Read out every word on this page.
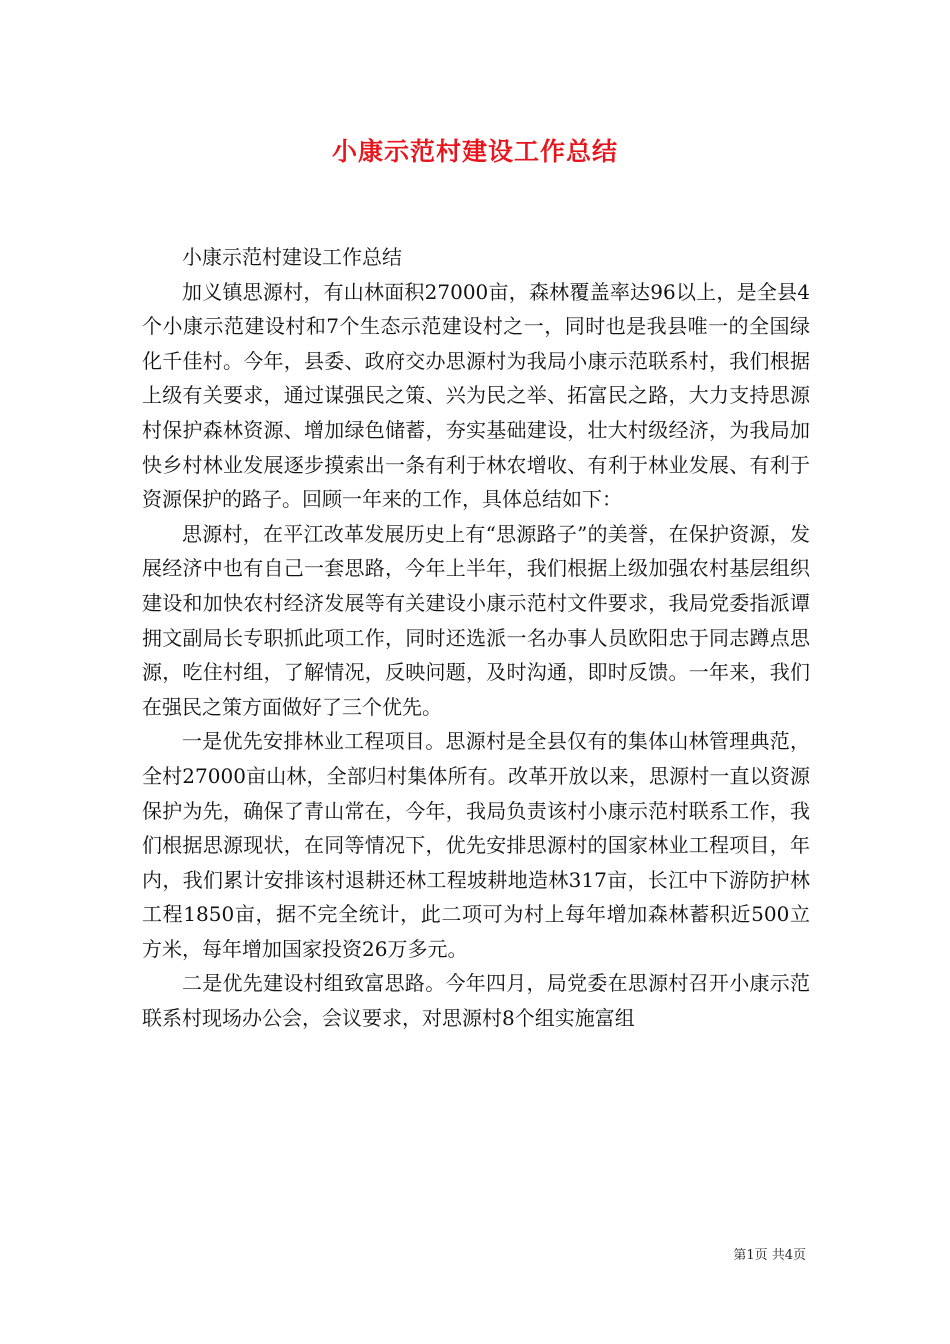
小康示范村建设工作总结

小康示范村建设工作总结

加义镇思源村，有山林面积27000亩，森林覆盖率达96以上，是全县4个小康示范建设村和7个生态示范建设村之一，同时也是我县唯一的全国绿化千佳村。今年，县委、政府交办思源村为我局小康示范联系村，我们根据上级有关要求，通过谋强民之策、兴为民之举、拓富民之路，大力支持思源村保护森林资源、增加绿色储蓄，夯实基础建设，壮大村级经济，为我局加快乡村林业发展逐步摸索出一条有利于林农增收、有利于林业发展、有利于资源保护的路子。回顾一年来的工作，具体总结如下：

思源村，在平江改革发展历史上有“思源路子”的美誉，在保护资源，发展经济中也有自己一套思路，今年上半年，我们根据上级加强农村基层组织建设和加快农村经济发展等有关建设小康示范村文件要求，我局党委指派谭拥文副局长专职抓此项工作，同时还选派一名办事人员欧阳忠于同志蹲点思源，吃住村组，了解情况，反映问题，及时沟通，即时反馈。一年来，我们在强民之策方面做好了三个优先。

一是优先安排林业工程项目。思源村是全县仅有的集体山林管理典范，全村27000亩山林，全部归村集体所有。改革开放以来，思源村一直以资源保护为先，确保了青山常在，今年，我局负责该村小康示范村联系工作，我们根据思源现状，在同等情况下，优先安排思源村的国家林业工程项目，年内，我们累计安排该村退耕还林工程坡耕地造林317亩，长江中下游防护林工程1850亩，据不完全统计，此二项可为村上每年增加森林蓄积近500立方米，每年增加国家投资26万多元。

二是优先建设村组致富思路。今年四月，局党委在思源村召开小康示范联系村现场办公会，会议要求，对思源村8个组实施富组

第1页 共4页
